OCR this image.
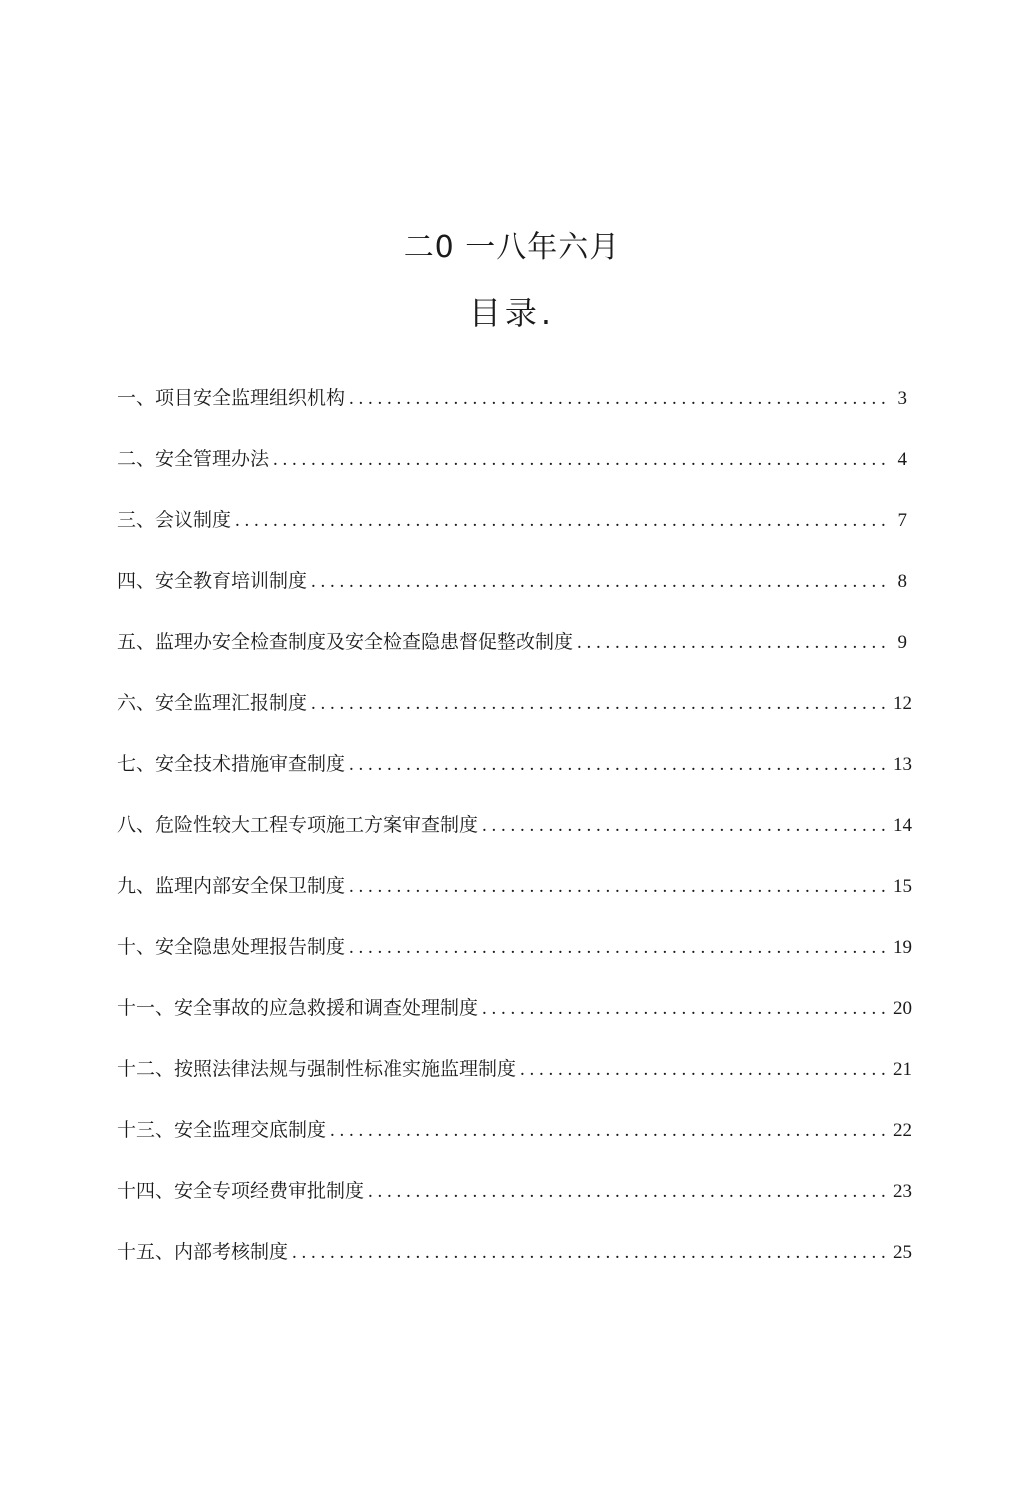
二0 一八年六月
目录.
一、项目安全监理组织机构 . . .	3
二、安全管理办法 . . .	4
三、会议制度 . . .	7
四、安全教育培训制度 . . .	8
五、监理办安全检查制度及安全检查隐患督促整改制度 . . .	9
六、安全监理汇报制度 . . .	12
七、安全技术措施审查制度 . . .	13
八、危险性较大工程专项施工方案审查制度 . . .	14
九、监理内部安全保卫制度 . . .	15
十、安全隐患处理报告制度 . . .	19
十一、安全事故的应急救援和调查处理制度 . . .	20
十二、按照法律法规与强制性标准实施监理制度 . . .	21
十三、安全监理交底制度 . . .	22
十四、安全专项经费审批制度 . . .	23
十五、内部考核制度 . . .	25
